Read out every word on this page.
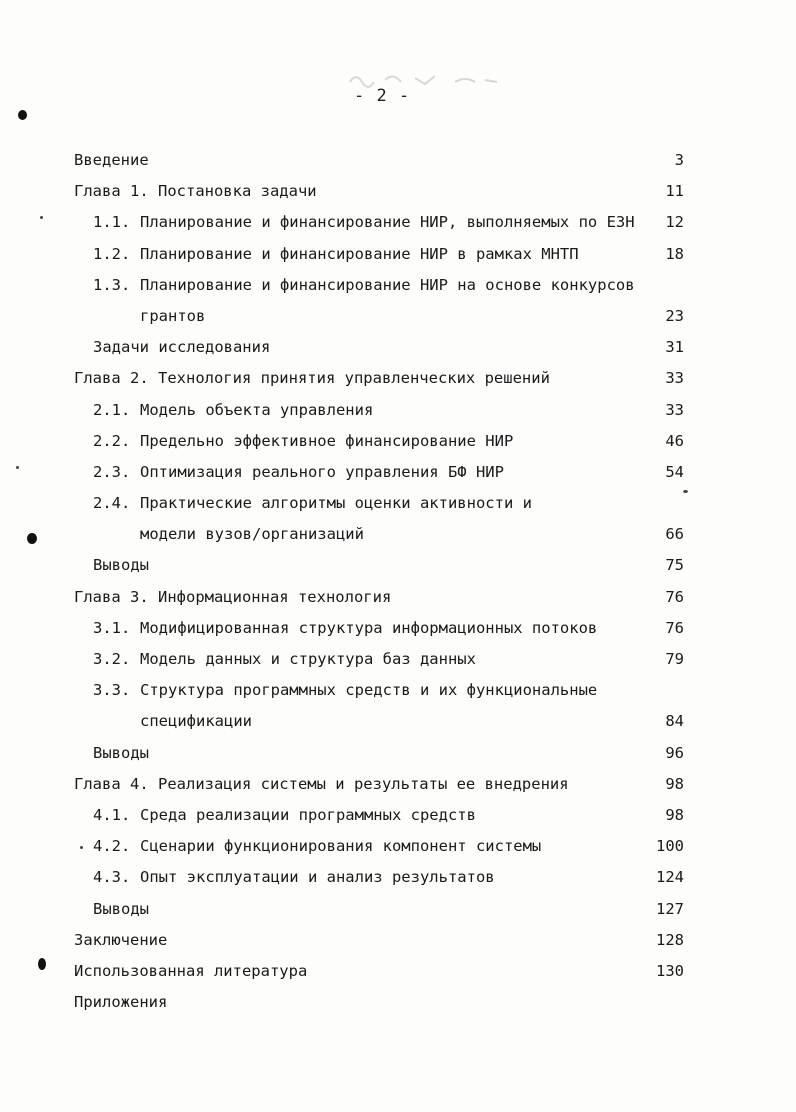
- 2 -
Введение	3
Глава 1. Постановка задачи	11
1.1. Планирование и финансирование НИР, выполняемых по ЕЗН 12
1.2. Планирование и финансирование НИР в рамках МНТП	18
1.3. Планирование и финансирование НИР на основе конкурсов
грантов	23
Задачи исследования	31
Глава 2. Технология принятия управленческих решений	33
2.1. Модель объекта управления	33
2.2. Предельно эффективное финансирование НИР	46
2.3. Оптимизация реального управления БФ НИР	54
2.4. Практические алгоритмы оценки активности и
модели вузов/организаций	66
Выводы	75
Глава 3. Информационная технология	76
3.1. Модифицированная структура информационных потоков	76
3.2. Модель данных и структура баз данных	79
3.3. Структура программных средств и их функциональные
спецификации	84
Выводы	96
Глава 4. Реализация системы и результаты ее внедрения	98
4.1. Среда реализации программных средств	98
4.2. Сценарии функционирования компонент системы	100
4.3. Опыт эксплуатации и анализ результатов	124
Выводы	127
Заключение	128
Использованная литература	130
Приложения
